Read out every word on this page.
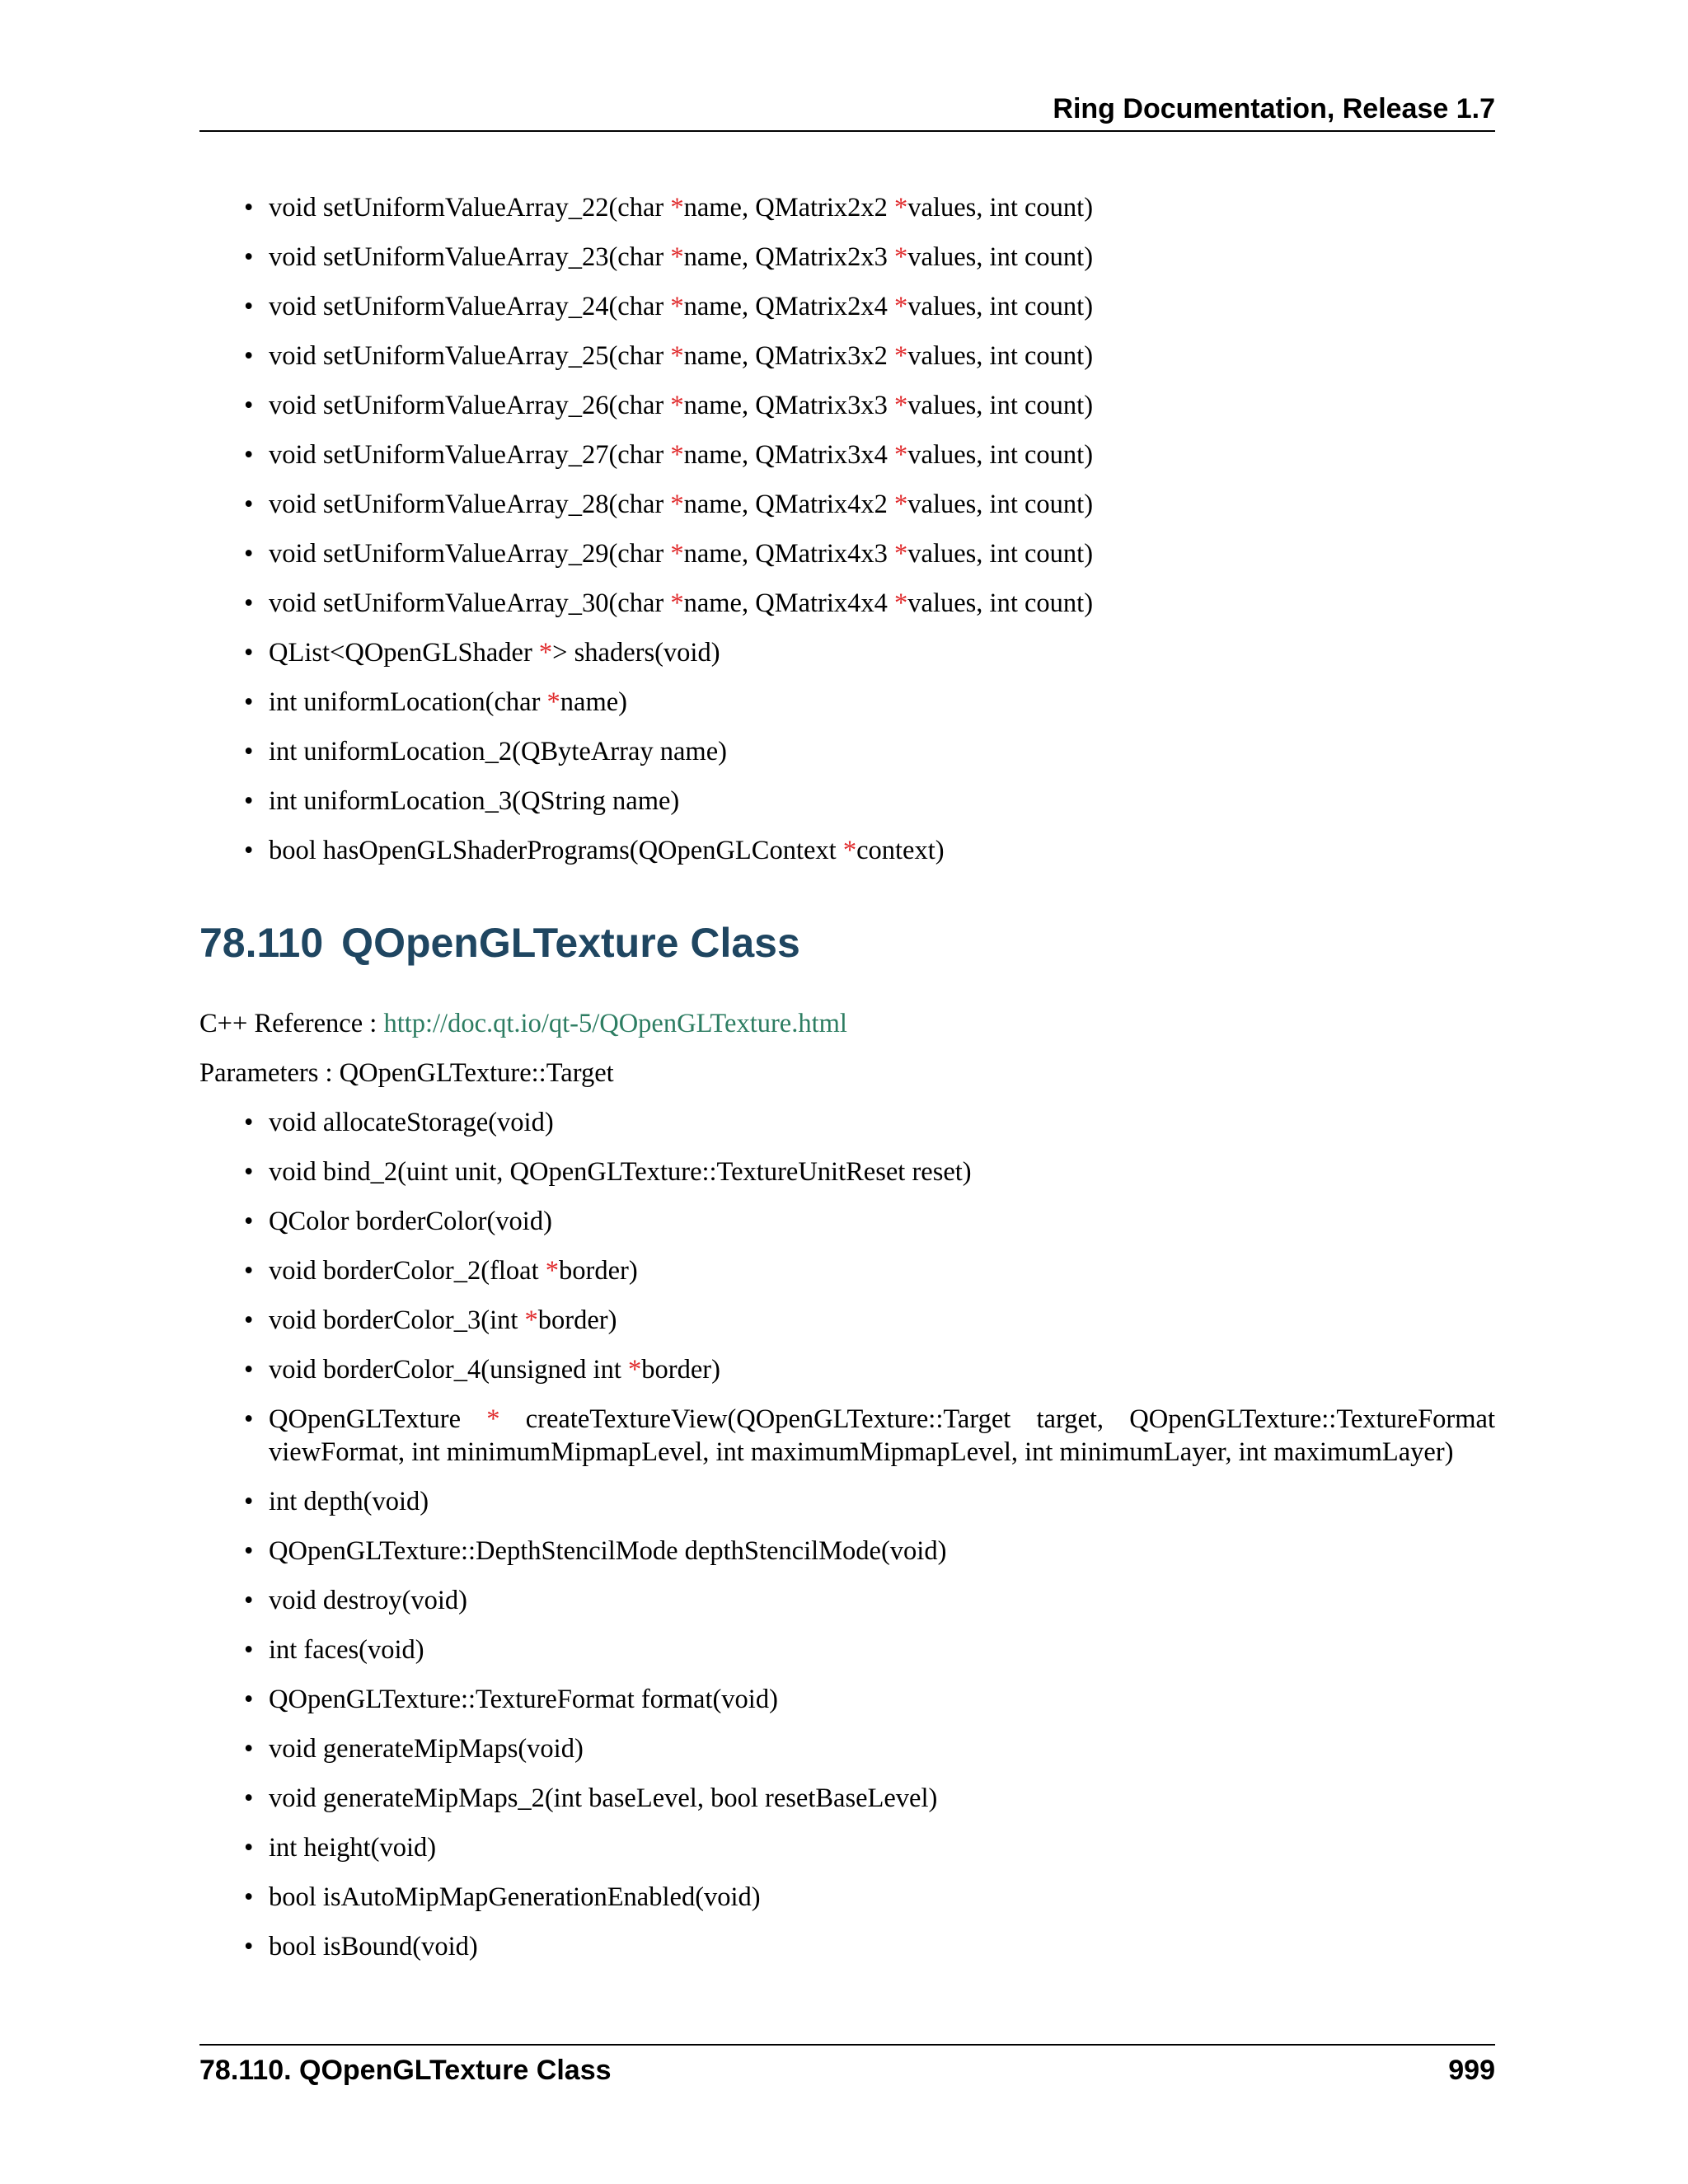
Ring Documentation, Release 1.7
• void setUniformValueArray_22(char *name, QMatrix2x2 *values, int count)
• void setUniformValueArray_23(char *name, QMatrix2x3 *values, int count)
• void setUniformValueArray_24(char *name, QMatrix2x4 *values, int count)
• void setUniformValueArray_25(char *name, QMatrix3x2 *values, int count)
• void setUniformValueArray_26(char *name, QMatrix3x3 *values, int count)
• void setUniformValueArray_27(char *name, QMatrix3x4 *values, int count)
• void setUniformValueArray_28(char *name, QMatrix4x2 *values, int count)
• void setUniformValueArray_29(char *name, QMatrix4x3 *values, int count)
• void setUniformValueArray_30(char *name, QMatrix4x4 *values, int count)
• QList<QOpenGLShader *> shaders(void)
• int uniformLocation(char *name)
• int uniformLocation_2(QByteArray name)
• int uniformLocation_3(QString name)
• bool hasOpenGLShaderPrograms(QOpenGLContext *context)
78.110 QOpenGLTexture Class

C++ Reference : http://doc.qt.io/qt-5/QOpenGLTexture.html

Parameters : QOpenGLTexture::Target

• void allocateStorage(void)
• void bind_2(uint unit, QOpenGLTexture::TextureUnitReset reset)
• QColor borderColor(void)
• void borderColor_2(float *border)
• void borderColor_3(int *border)
• void borderColor_4(unsigned int *border)
• QOpenGLTexture * createTextureView(QOpenGLTexture::Target target, QOpenGLTexture::TextureFormat viewFormat, int minimumMipmapLevel, int maximumMipmapLevel, int minimumLayer, int maximumLayer)
• int depth(void)
• QOpenGLTexture::DepthStencilMode depthStencilMode(void)
• void destroy(void)
• int faces(void)
• QOpenGLTexture::TextureFormat format(void)
• void generateMipMaps(void)
• void generateMipMaps_2(int baseLevel, bool resetBaseLevel)
• int height(void)
• bool isAutoMipMapGenerationEnabled(void)
• bool isBound(void)
78.110. QOpenGLTexture Class	999
